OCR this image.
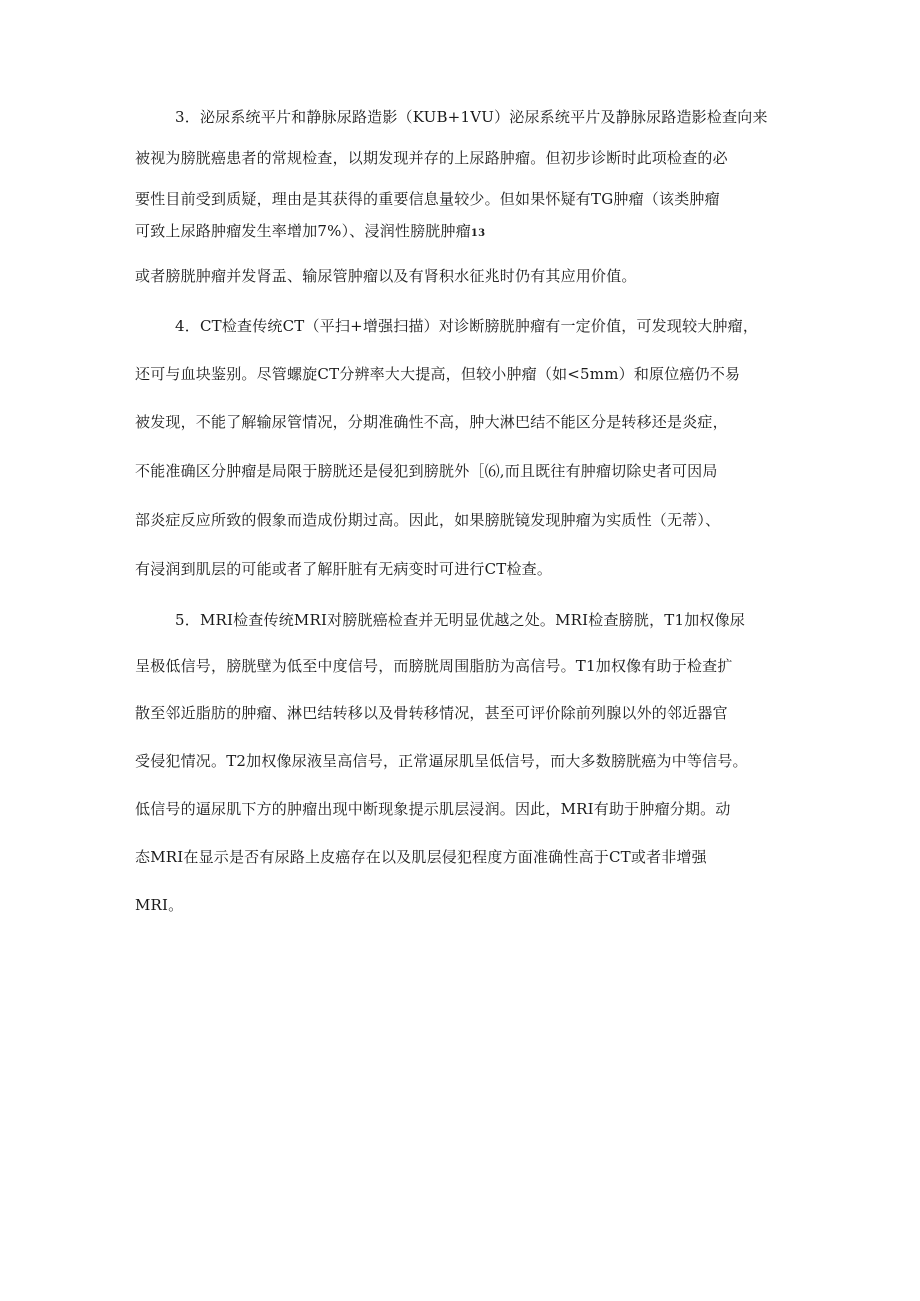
3．泌尿系统平片和静脉尿路造影（KUB+1VU）泌尿系统平片及静脉尿路造影检查向来
被视为膀胱癌患者的常规检查，以期发现并存的上尿路肿瘤。但初步诊断时此项检查的必
要性目前受到质疑，理由是其获得的重要信息量较少。但如果怀疑有TG肿瘤（该类肿瘤
可致上尿路肿瘤发生率增加7%）、浸润性膀胱肿瘤13
或者膀胱肿瘤并发肾盂、输尿管肿瘤以及有肾积水征兆时仍有其应用价值。
4．CT检查传统CT（平扫+增强扫描）对诊断膀胱肿瘤有一定价值，可发现较大肿瘤，
还可与血块鉴别。尽管螺旋CT分辨率大大提高，但较小肿瘤（如<5mm）和原位癌仍不易
被发现，不能了解输尿管情况，分期准确性不高，肿大淋巴结不能区分是转移还是炎症，
不能准确区分肿瘤是局限于膀胱还是侵犯到膀胱外［⑹,而且既往有肿瘤切除史者可因局
部炎症反应所致的假象而造成份期过高。因此，如果膀胱镜发现肿瘤为实质性（无蒂）、
有浸润到肌层的可能或者了解肝脏有无病变时可进行CT检查。
5．MRI检查传统MRI对膀胱癌检查并无明显优越之处。MRI检查膀胱，T1加权像尿
呈极低信号，膀胱壁为低至中度信号，而膀胱周围脂肪为高信号。T1加权像有助于检查扩
散至邻近脂肪的肿瘤、淋巴结转移以及骨转移情况，甚至可评价除前列腺以外的邻近器官
受侵犯情况。T2加权像尿液呈高信号，正常逼尿肌呈低信号，而大多数膀胱癌为中等信号。
低信号的逼尿肌下方的肿瘤出现中断现象提示肌层浸润。因此，MRI有助于肿瘤分期。动
态MRI在显示是否有尿路上皮癌存在以及肌层侵犯程度方面准确性高于CT或者非增强
MRI。
